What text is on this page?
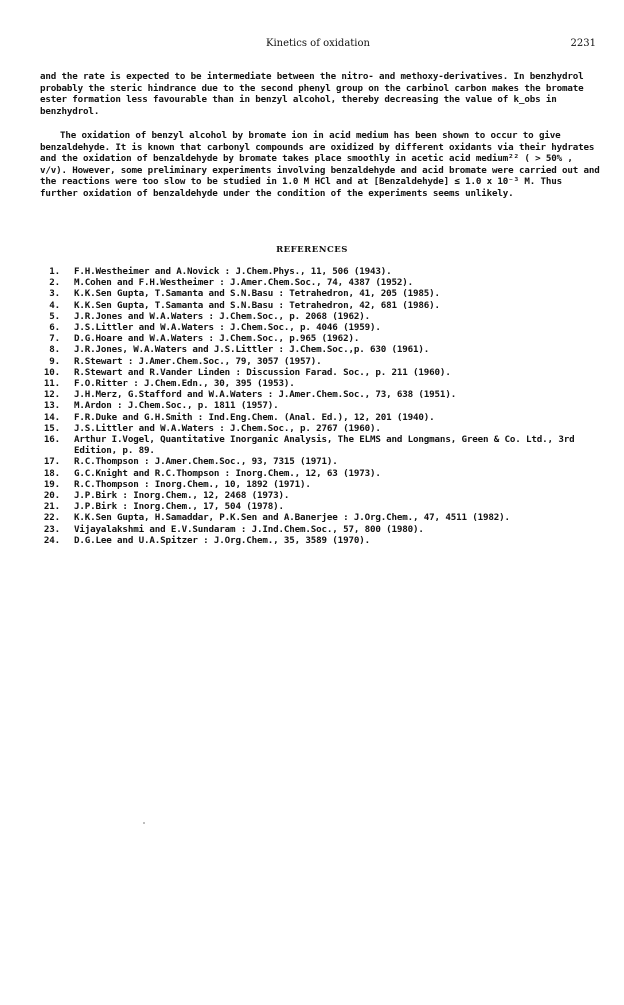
Kinetics of oxidation	2231

and the rate is expected to be intermediate between the nitro- and methoxy-derivatives. In benzhydrol probably the steric hindrance due to the second phenyl group on the carbinol carbon makes the bromate ester formation less favourable than in benzyl alcohol, thereby decreasing the value of k_obs in benzhydrol.

The oxidation of benzyl alcohol by bromate ion in acid medium has been shown to occur to give benzaldehyde. It is known that carbonyl compounds are oxidized by different oxidants via their hydrates and the oxidation of benzaldehyde by bromate takes place smoothly in acetic acid medium²² ( > 50% , v/v). However, some preliminary experiments involving benzaldehyde and acid bromate were carried out and the reactions were too slow to be studied in 1.0 M HCl and at [Benzaldehyde] ≤ 1.0 x 10⁻³ M. Thus further oxidation of benzaldehyde under the condition of the experiments seems unlikely.

REFERENCES
1.	F.H.Westheimer and A.Novick : J.Chem.Phys., 11, 506 (1943).
2.	M.Cohen and F.H.Westheimer : J.Amer.Chem.Soc., 74, 4387 (1952).
3.	K.K.Sen Gupta, T.Samanta and S.N.Basu : Tetrahedron, 41, 205 (1985).
4.	K.K.Sen Gupta, T.Samanta and S.N.Basu : Tetrahedron, 42, 681 (1986).
5.	J.R.Jones and W.A.Waters : J.Chem.Soc., p. 2068 (1962).
6.	J.S.Littler and W.A.Waters : J.Chem.Soc., p. 4046 (1959).
7.	D.G.Hoare and W.A.Waters : J.Chem.Soc., p.965 (1962).
8.	J.R.Jones, W.A.Waters and J.S.Littler : J.Chem.Soc.,p. 630 (1961).
9.	R.Stewart : J.Amer.Chem.Soc., 79, 3057 (1957).
10.	R.Stewart and R.Vander Linden : Discussion Farad. Soc., p. 211 (1960).
11.	F.O.Ritter : J.Chem.Edn., 30, 395 (1953).
12.	J.H.Merz, G.Stafford and W.A.Waters : J.Amer.Chem.Soc., 73, 638 (1951).
13.	M.Ardon : J.Chem.Soc., p. 1811 (1957).
14.	F.R.Duke and G.H.Smith : Ind.Eng.Chem. (Anal. Ed.), 12, 201 (1940).
15.	J.S.Littler and W.A.Waters : J.Chem.Soc., p. 2767 (1960).
16.	Arthur I.Vogel, Quantitative Inorganic Analysis, The ELMS and Longmans, Green & Co. Ltd., 3rd Edition, p. 89.
17.	R.C.Thompson : J.Amer.Chem.Soc., 93, 7315 (1971).
18.	G.C.Knight and R.C.Thompson : Inorg.Chem., 12, 63 (1973).
19.	R.C.Thompson : Inorg.Chem., 10, 1892 (1971).
20.	J.P.Birk : Inorg.Chem., 12, 2468 (1973).
21.	J.P.Birk : Inorg.Chem., 17, 504 (1978).
22.	K.K.Sen Gupta, H.Samaddar, P.K.Sen and A.Banerjee : J.Org.Chem., 47, 4511 (1982).
23.	Vijayalakshmi and E.V.Sundaram : J.Ind.Chem.Soc., 57, 800 (1980).
24.	D.G.Lee and U.A.Spitzer : J.Org.Chem., 35, 3589 (1970).
